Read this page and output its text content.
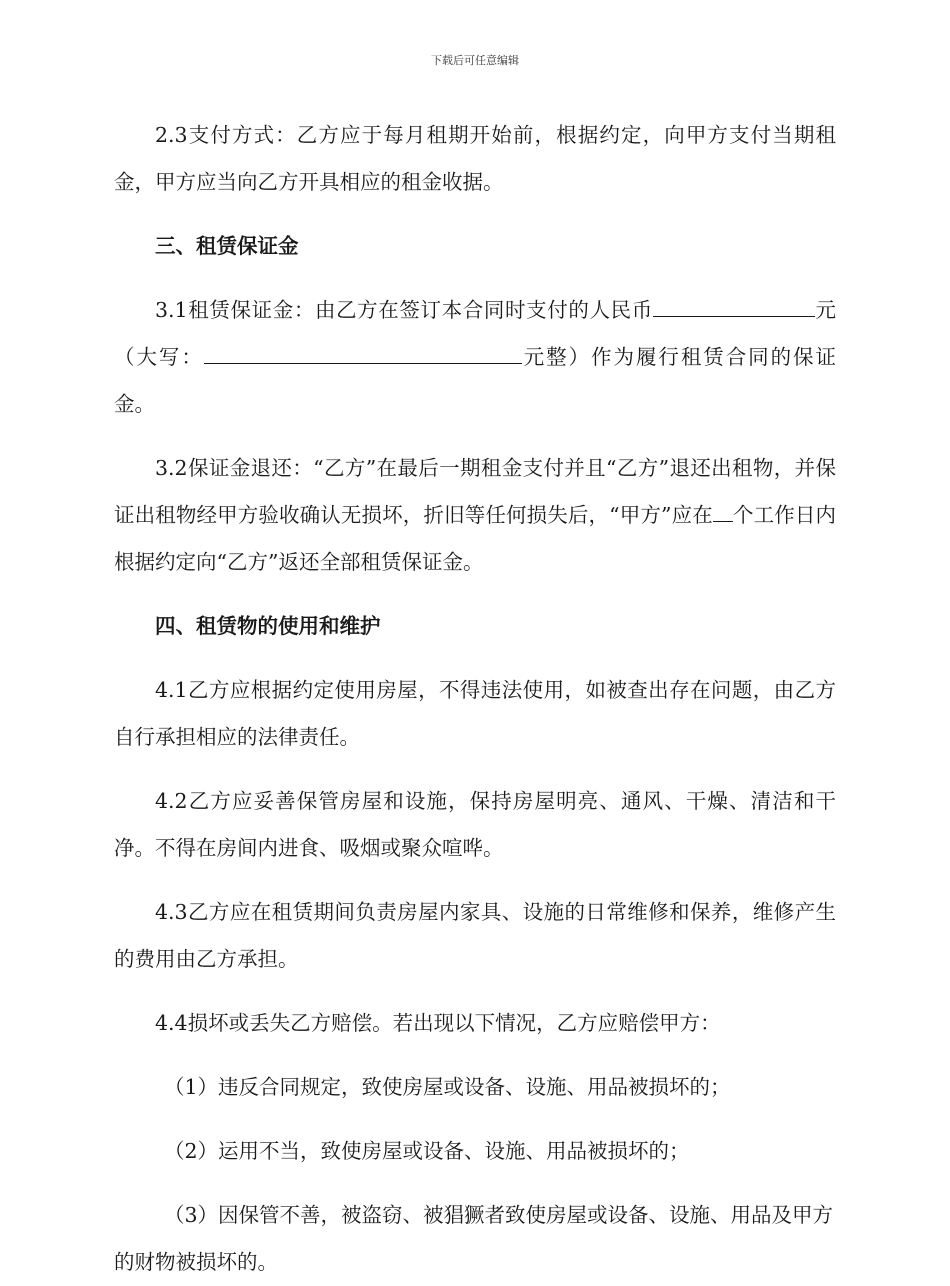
下载后可任意编辑

2.3支付方式：乙方应于每月租期开始前，根据约定，向甲方支付当期租金，甲方应当向乙方开具相应的租金收据。

三、租赁保证金

3.1租赁保证金：由乙方在签订本合同时支付的人民币	元（大写：	元整）作为履行租赁合同的保证金。

3.2保证金退还：“乙方”在最后一期租金支付并且“乙方”退还出租物，并保证出租物经甲方验收确认无损坏，折旧等任何损失后，“甲方”应在 个工作日内根据约定向“乙方”返还全部租赁保证金。

四、租赁物的使用和维护

4.1乙方应根据约定使用房屋，不得违法使用，如被查出存在问题，由乙方自行承担相应的法律责任。

4.2乙方应妥善保管房屋和设施，保持房屋明亮、通风、干燥、清洁和干净。不得在房间内进食、吸烟或聚众喧哗。

4.3乙方应在租赁期间负责房屋内家具、设施的日常维修和保养，维修产生的费用由乙方承担。

4.4损坏或丢失乙方赔偿。若出现以下情况，乙方应赔偿甲方：

（1）违反合同规定，致使房屋或设备、设施、用品被损坏的；

（2）运用不当，致使房屋或设备、设施、用品被损坏的；

（3）因保管不善，被盗窃、被猖獗者致使房屋或设备、设施、用品及甲方的财物被损坏的。
